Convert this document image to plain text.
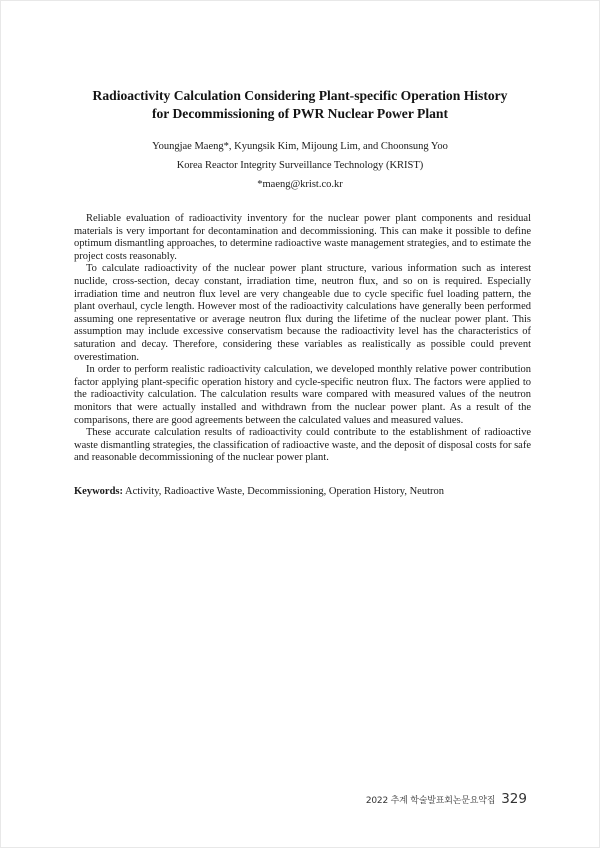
Radioactivity Calculation Considering Plant-specific Operation History
for Decommissioning of PWR Nuclear Power Plant
Youngjae Maeng*, Kyungsik Kim, Mijoung Lim, and Choonsung Yoo
Korea Reactor Integrity Surveillance Technology (KRIST)
*maeng@krist.co.kr

Reliable evaluation of radioactivity inventory for the nuclear power plant components and residual materials is very important for decontamination and decommissioning. This can make it possible to define optimum dismantling approaches, to determine radioactive waste management strategies, and to estimate the project costs reasonably.

To calculate radioactivity of the nuclear power plant structure, various information such as interest nuclide, cross-section, decay constant, irradiation time, neutron flux, and so on is required. Especially irradiation time and neutron flux level are very changeable due to cycle specific fuel loading pattern, the plant overhaul, cycle length. However most of the radioactivity calculations have generally been performed assuming one representative or average neutron flux during the lifetime of the nuclear power plant. This assumption may include excessive conservatism because the radioactivity level has the characteristics of saturation and decay. Therefore, considering these variables as realistically as possible could prevent overestimation.

In order to perform realistic radioactivity calculation, we developed monthly relative power contribution factor applying plant-specific operation history and cycle-specific neutron flux. The factors were applied to the radioactivity calculation. The calculation results ware compared with measured values of the neutron monitors that were actually installed and withdrawn from the nuclear power plant. As a result of the comparisons, there are good agreements between the calculated values and measured values.

These accurate calculation results of radioactivity could contribute to the establishment of radioactive waste dismantling strategies, the classification of radioactive waste, and the deposit of disposal costs for safe and reasonable decommissioning of the nuclear power plant.

Keywords: Activity, Radioactive Waste, Decommissioning, Operation History, Neutron
2022 추계 학술발표회논문요약집 329
